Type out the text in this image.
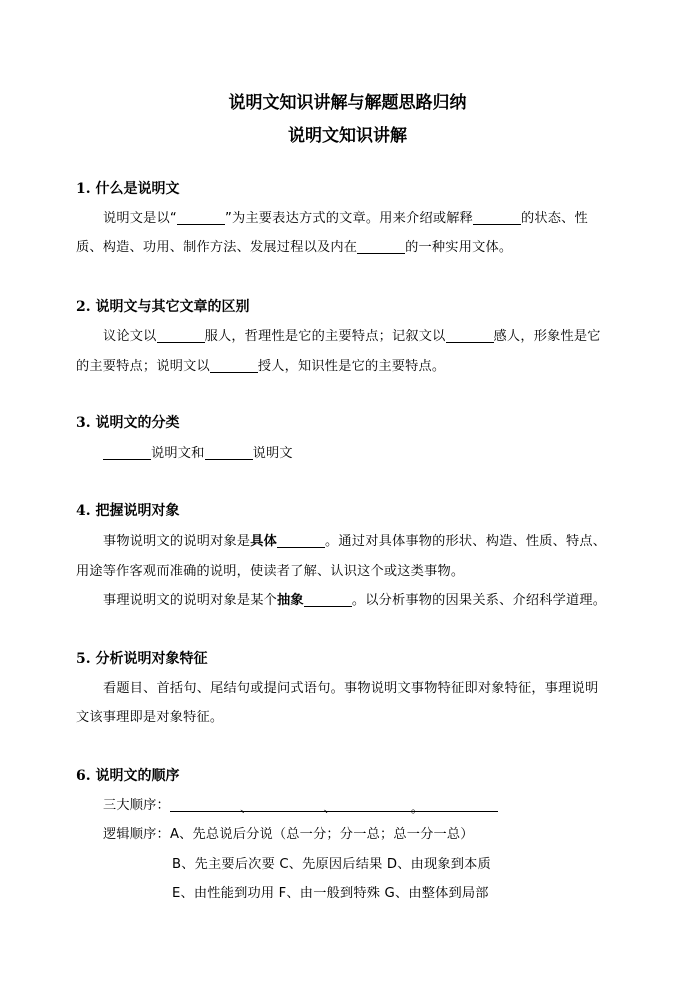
说明文知识讲解与解题思路归纳
说明文知识讲解
1. 什么是说明文
说明文是以“	”为主要表达方式的文章。用来介绍或解释	的状态、性
质、构造、功用、制作方法、发展过程以及内在	的一种实用文体。
2. 说明文与其它文章的区别
议论文以	服人，哲理性是它的主要特点；记叙文以	感人，形象性是它
的主要特点；说明文以	授人，知识性是它的主要特点。
3. 说明文的分类
说明文和	说明文
4. 把握说明对象
事物说明文的说明对象是具体	。通过对具体事物的形状、构造、性质、特点、
用途等作客观而准确的说明，使读者了解、认识这个或这类事物。
事理说明文的说明对象是某个抽象	。以分析事物的因果关系、介绍科学道理。
5. 分析说明对象特征
看题目、首括句、尾结句或提问式语句。事物说明文事物特征即对象特征，事理说明
文该事理即是对象特征。
6. 说明文的顺序
三大顺序：	、	、	。
逻辑顺序：A、先总说后分说（总一分；分一总；总一分一总）
B、先主要后次要 C、先原因后结果 D、由现象到本质
E、由性能到功用 F、由一般到特殊 G、由整体到局部
